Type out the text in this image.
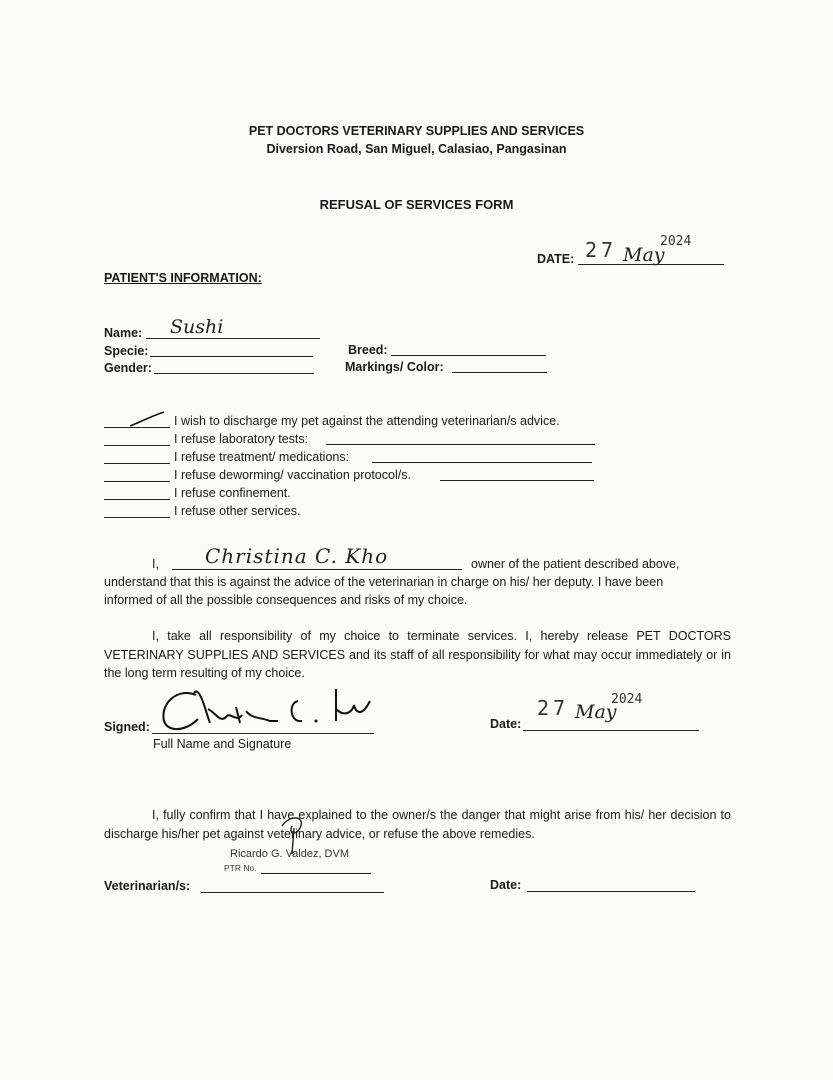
PET DOCTORS VETERINARY SUPPLIES AND SERVICES
Diversion Road, San Miguel, Calasiao, Pangasinan
REFUSAL OF SERVICES FORM
DATE: 27 May
2024
PATIENT'S INFORMATION:
Name: Sushi
Specie:
Gender:
Breed:
Markings/ Color:
I wish to discharge my pet against the attending veterinarian/s advice.
I refuse laboratory tests:
I refuse treatment/ medications:
I refuse deworming/ vaccination protocol/s.
I refuse confinement.
I refuse other services.
I, Christina C. Kho	owner of the patient described above,
understand that this is against the advice of the veterinarian in charge on his/ her deputy. I have been
informed of all the possible consequences and risks of my choice.
I, take all responsibility of my choice to terminate services. I, hereby release PET DOCTORS VETERINARY SUPPLIES AND SERVICES and its staff of all responsibility for what may occur immediately or in the long term resulting of my choice.
Signed:
Full Name and Signature
Date:
27 May
2024
I, fully confirm that I have explained to the owner/s the danger that might arise from his/ her decision to discharge his/her pet against veterinary advice, or refuse the above remedies.
Ricardo G. Valdez, DVM
PTR No.
Veterinarian/s:	Date:
